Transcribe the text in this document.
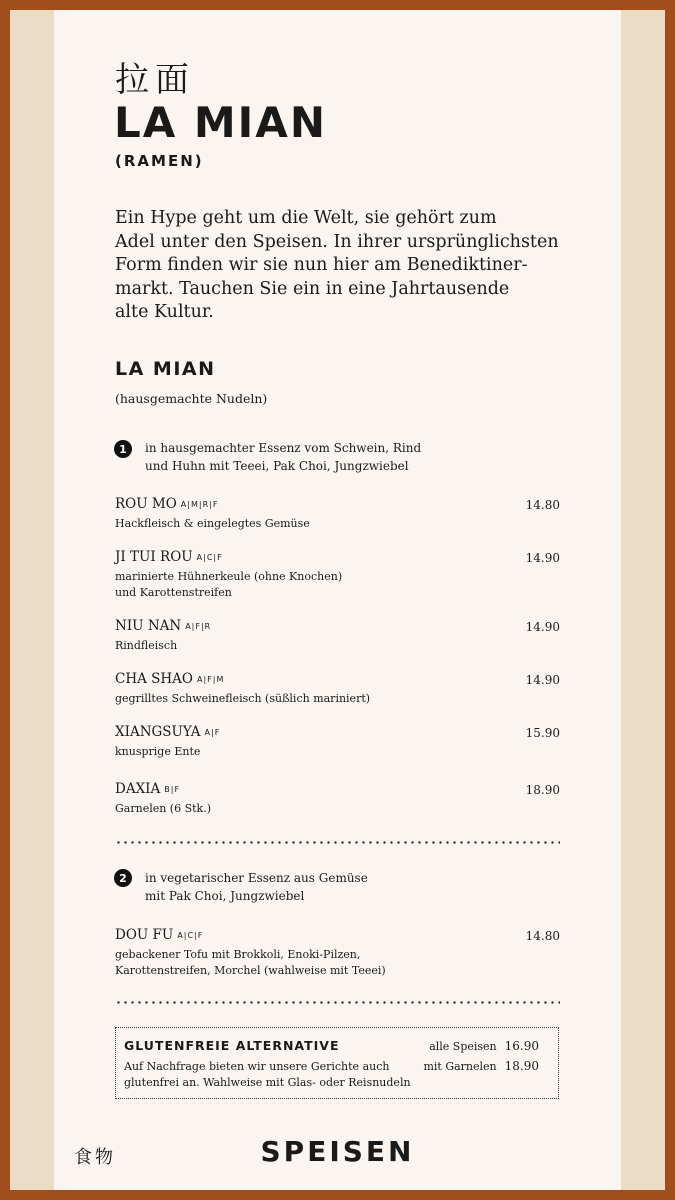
拉面
LA MIAN
(RAMEN)
Ein Hype geht um die Welt, sie gehört zum
Adel unter den Speisen. In ihrer ursprünglichsten
Form finden wir sie nun hier am Benediktiner-
markt. Tauchen Sie ein in eine Jahrtausende
alte Kultur.
LA MIAN
(hausgemachte Nudeln)
1	in hausgemachter Essenz vom Schwein, Rind
und Huhn mit Teeei, Pak Choi, Jungzwiebel
ROU MO A|M|R|F	14.80
Hackfleisch & eingelegtes Gemüse
JI TUI ROU A|C|F	14.90
marinierte Hühnerkeule (ohne Knochen)
und Karottenstreifen
NIU NAN A|F|R	14.90
Rindfleisch
CHA SHAO A|F|M	14.90
gegrilltes Schweinefleisch (süßlich mariniert)
XIANGSUYA A|F	15.90
knusprige Ente
DAXIA B|F	18.90
Garnelen (6 Stk.)
2	in vegetarischer Essenz aus Gemüse
mit Pak Choi, Jungzwiebel
DOU FU A|C|F	14.80
gebackener Tofu mit Brokkoli, Enoki-Pilzen,
Karottenstreifen, Morchel (wahlweise mit Teeei)
GLUTENFREIE ALTERNATIVE
Auf Nachfrage bieten wir unsere Gerichte auch
glutenfrei an. Wahlweise mit Glas- oder Reisnudeln
alle Speisen 16.90
mit Garnelen 18.90
食物	SPEISEN
